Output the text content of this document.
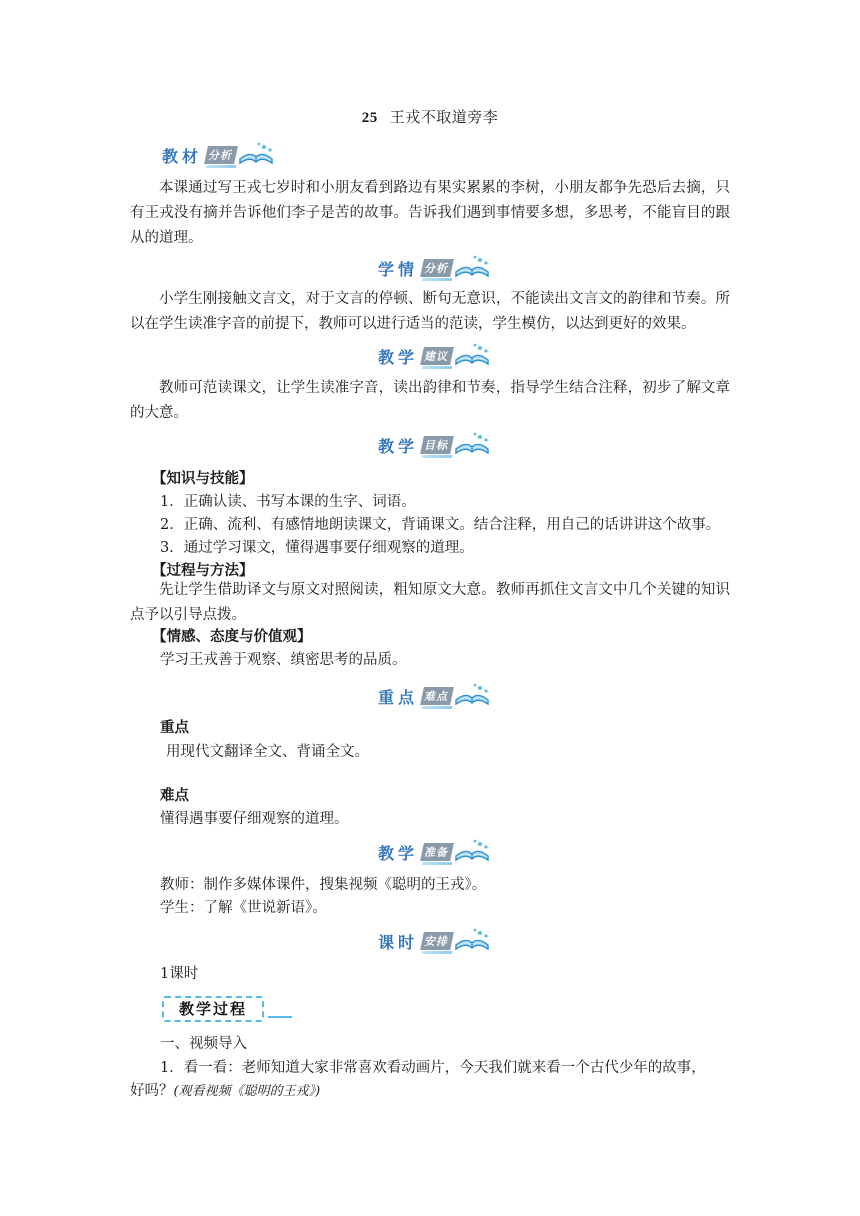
25 王戎不取道旁李
教材 分析
本课通过写王戎七岁时和小朋友看到路边有果实累累的李树，小朋友都争先恐后去摘，只有王戎没有摘并告诉他们李子是苦的故事。告诉我们遇到事情要多想，多思考，不能盲目的跟从的道理。
学情 分析
小学生刚接触文言文，对于文言的停顿、断句无意识，不能读出文言文的韵律和节奏。所以在学生读准字音的前提下，教师可以进行适当的范读，学生模仿，以达到更好的效果。
教学 建议
教师可范读课文，让学生读准字音，读出韵律和节奏，指导学生结合注释，初步了解文章的大意。
教学 目标
【知识与技能】
1．正确认读、书写本课的生字、词语。
2．正确、流利、有感情地朗读课文，背诵课文。结合注释，用自己的话讲讲这个故事。
3．通过学习课文，懂得遇事要仔细观察的道理。
【过程与方法】
先让学生借助译文与原文对照阅读，粗知原文大意。教师再抓住文言文中几个关键的知识点予以引导点拨。
【情感、态度与价值观】
学习王戎善于观察、缜密思考的品质。
重点 难点
重点
用现代文翻译全文、背诵全文。
难点
懂得遇事要仔细观察的道理。
教学 准备
教师：制作多媒体课件，搜集视频《聪明的王戎》。
学生：了解《世说新语》。
课时 安排
1课时
教学过程
一、视频导入
1．看一看：老师知道大家非常喜欢看动画片，今天我们就来看一个古代少年的故事，
好吗？(观看视频《聪明的王戎》)
